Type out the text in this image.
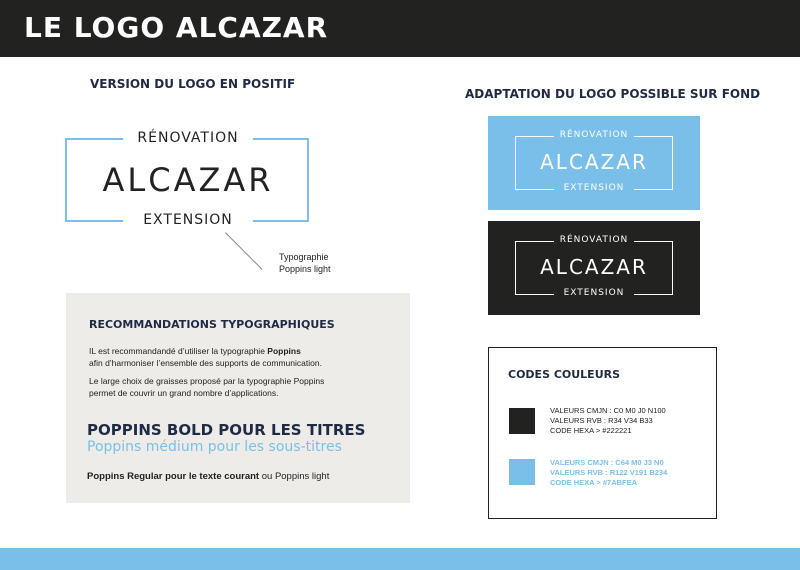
LE LOGO ALCAZAR
VERSION DU LOGO EN POSITIF
RÉNOVATION
ALCAZAR
EXTENSION
Typographie
Poppins light
ADAPTATION DU LOGO POSSIBLE SUR FOND
RÉNOVATION
ALCAZAR
EXTENSION
RÉNOVATION
ALCAZAR
EXTENSION
RECOMMANDATIONS TYPOGRAPHIQUES
IL est recommandandé d’utiliser la typographie Poppins
afin d’harmoniser l’ensemble des supports de communication.
Le large choix de graisses proposé par la typographie Poppins
permet de couvrir un grand nombre d’applications.
POPPINS BOLD POUR LES TITRES
Poppins médium pour les sous-titres
Poppins Regular pour le texte courant ou Poppins light
CODES COULEURS
VALEURS CMJN : C0 M0 J0 N100
VALEURS RVB : R34 V34 B33
CODE HEXA > #222221
VALEURS CMJN : C64 M0 J3 N0
VALEURS RVB : R122 V191 B234
CODE HEXA > #7ABFEA
